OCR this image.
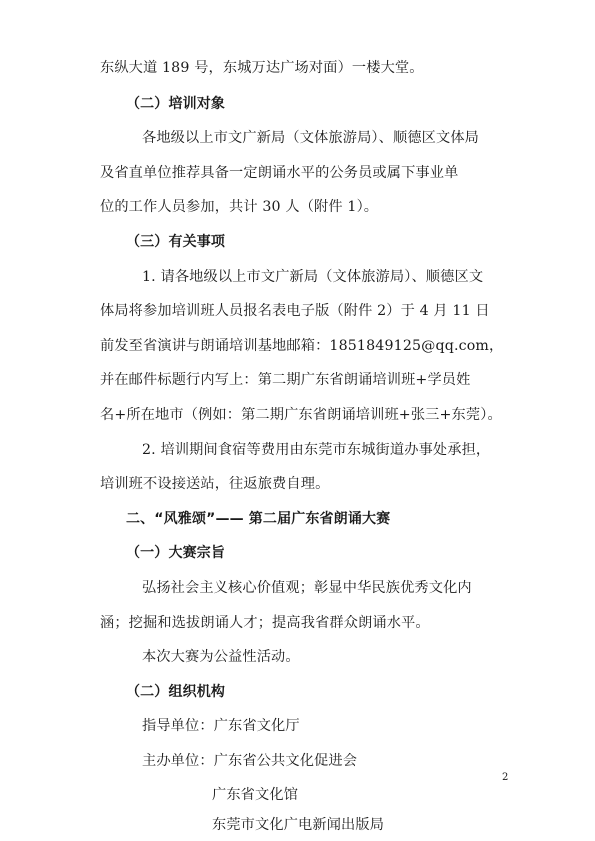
东纵大道 189 号，东城万达广场对面）一楼大堂。
（二）培训对象
各地级以上市文广新局（文体旅游局）、顺德区文体局
及省直单位推荐具备一定朗诵水平的公务员或属下事业单
位的工作人员参加，共计 30 人（附件 1）。
（三）有关事项
1. 请各地级以上市文广新局（文体旅游局）、顺德区文
体局将参加培训班人员报名表电子版（附件 2）于 4 月 11 日
前发至省演讲与朗诵培训基地邮箱：1851849125@qq.com，
并在邮件标题行内写上：第二期广东省朗诵培训班+学员姓
名+所在地市（例如：第二期广东省朗诵培训班+张三+东莞）。
2. 培训期间食宿等费用由东莞市东城街道办事处承担，
培训班不设接送站，往返旅费自理。
二、“风雅颂”—— 第二届广东省朗诵大赛
（一）大赛宗旨
弘扬社会主义核心价值观；彰显中华民族优秀文化内
涵；挖掘和选拔朗诵人才；提高我省群众朗诵水平。
本次大赛为公益性活动。
（二）组织机构
指导单位：广东省文化厅
主办单位：广东省公共文化促进会
广东省文化馆
东莞市文化广电新闻出版局
2
